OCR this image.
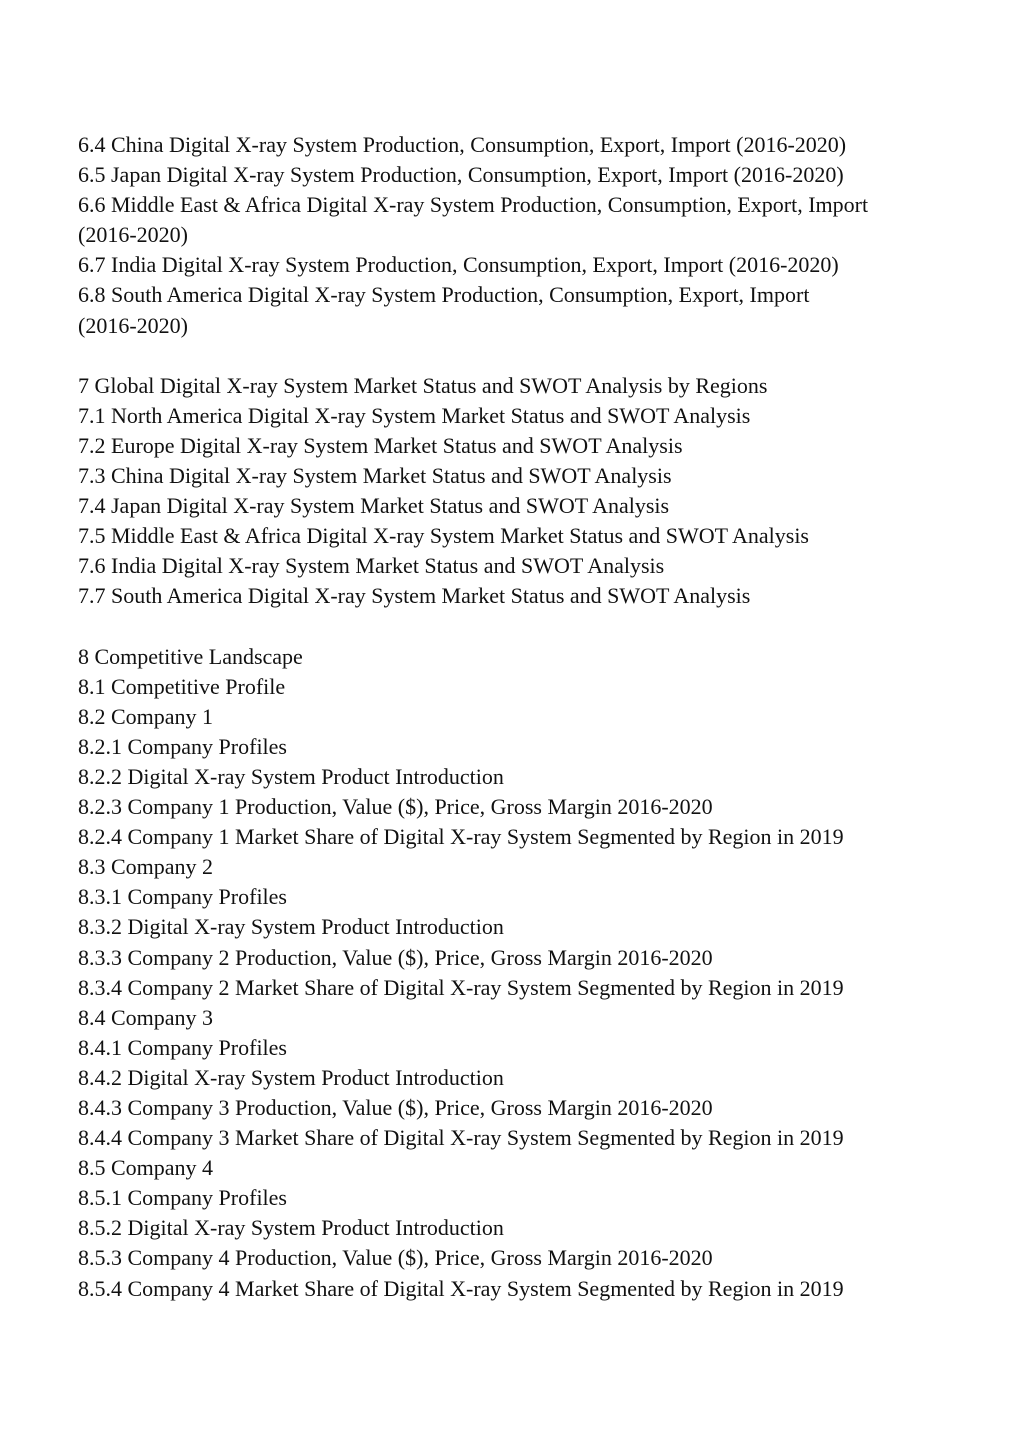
6.4 China Digital X-ray System Production, Consumption, Export, Import (2016-2020)
6.5 Japan Digital X-ray System Production, Consumption, Export, Import (2016-2020)
6.6 Middle East & Africa Digital X-ray System Production, Consumption, Export, Import
(2016-2020)
6.7 India Digital X-ray System Production, Consumption, Export, Import (2016-2020)
6.8 South America Digital X-ray System Production, Consumption, Export, Import
(2016-2020)
7 Global Digital X-ray System Market Status and SWOT Analysis by Regions
7.1 North America Digital X-ray System Market Status and SWOT Analysis
7.2 Europe Digital X-ray System Market Status and SWOT Analysis
7.3 China Digital X-ray System Market Status and SWOT Analysis
7.4 Japan Digital X-ray System Market Status and SWOT Analysis
7.5 Middle East & Africa Digital X-ray System Market Status and SWOT Analysis
7.6 India Digital X-ray System Market Status and SWOT Analysis
7.7 South America Digital X-ray System Market Status and SWOT Analysis
8 Competitive Landscape
8.1 Competitive Profile
8.2 Company 1
8.2.1 Company Profiles
8.2.2 Digital X-ray System Product Introduction
8.2.3 Company 1 Production, Value ($), Price, Gross Margin 2016-2020
8.2.4 Company 1 Market Share of Digital X-ray System Segmented by Region in 2019
8.3 Company 2
8.3.1 Company Profiles
8.3.2 Digital X-ray System Product Introduction
8.3.3 Company 2 Production, Value ($), Price, Gross Margin 2016-2020
8.3.4 Company 2 Market Share of Digital X-ray System Segmented by Region in 2019
8.4 Company 3
8.4.1 Company Profiles
8.4.2 Digital X-ray System Product Introduction
8.4.3 Company 3 Production, Value ($), Price, Gross Margin 2016-2020
8.4.4 Company 3 Market Share of Digital X-ray System Segmented by Region in 2019
8.5 Company 4
8.5.1 Company Profiles
8.5.2 Digital X-ray System Product Introduction
8.5.3 Company 4 Production, Value ($), Price, Gross Margin 2016-2020
8.5.4 Company 4 Market Share of Digital X-ray System Segmented by Region in 2019
